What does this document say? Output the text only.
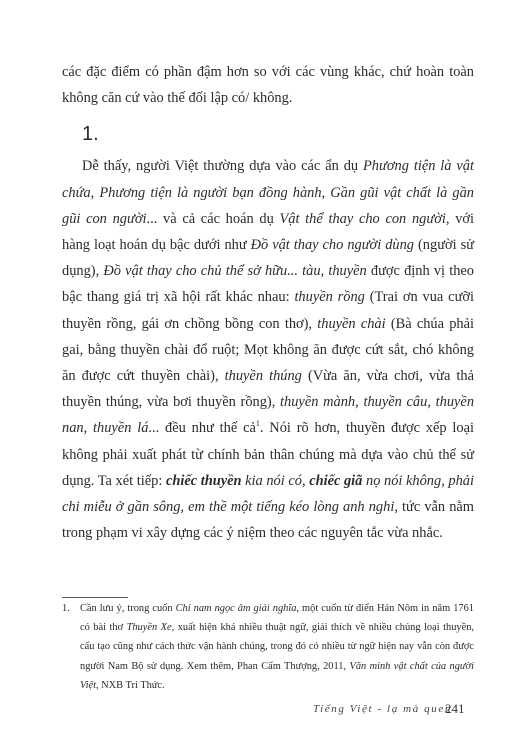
các đặc điểm có phần đậm hơn so với các vùng khác, chứ hoàn toàn không căn cứ vào thế đối lập có/ không.

1.

Dễ thấy, người Việt thường dựa vào các ẩn dụ Phương tiện là vật chứa, Phương tiện là người bạn đồng hành, Gần gũi vật chất là gần gũi con người... và cả các hoán dụ Vật thể thay cho con người, với hàng loạt hoán dụ bậc dưới như Đồ vật thay cho người dùng (người sử dụng), Đồ vật thay cho chủ thể sở hữu... tàu, thuyền được định vị theo bậc thang giá trị xã hội rất khác nhau: thuyền rồng (Trai ơn vua cưỡi thuyền rồng, gái ơn chồng bồng con thơ), thuyền chài (Bà chúa phải gai, bằng thuyền chài đổ ruột; Mọt không ăn được cứt sắt, chó không ăn được cứt thuyền chài), thuyền thúng (Vừa ăn, vừa chơi, vừa thả thuyền thúng, vừa bơi thuyền rồng), thuyền mành, thuyền câu, thuyền nan, thuyền lá... đều như thế cả$^1$. Nói rõ hơn, thuyền được xếp loại không phải xuất phát từ chính bản thân chúng mà dựa vào chủ thể sử dụng. Ta xét tiếp: chiếc thuyền kia nói có, chiếc giã nọ nói không, phải chi miễu ở gần sông, em thề một tiếng kéo lòng anh nghi, tức vẫn nằm trong phạm vi xây dựng các ý niệm theo các nguyên tắc vừa nhắc.

1. Cần lưu ý, trong cuốn Chỉ nam ngọc âm giải nghĩa, một cuốn từ điển Hán Nôm in năm 1761 có bài thơ Thuyền Xe, xuất hiện khá nhiều thuật ngữ, giải thích về nhiều chủng loại thuyền, cấu tạo cũng như cách thức vận hành chúng, trong đó có nhiều từ ngữ hiện nay vẫn còn được người Nam Bộ sử dụng. Xem thêm, Phan Cẩm Thượng, 2011, Văn minh vật chất của người Việt, NXB Tri Thức.
Tiếng Việt - lạ mà quen
241
